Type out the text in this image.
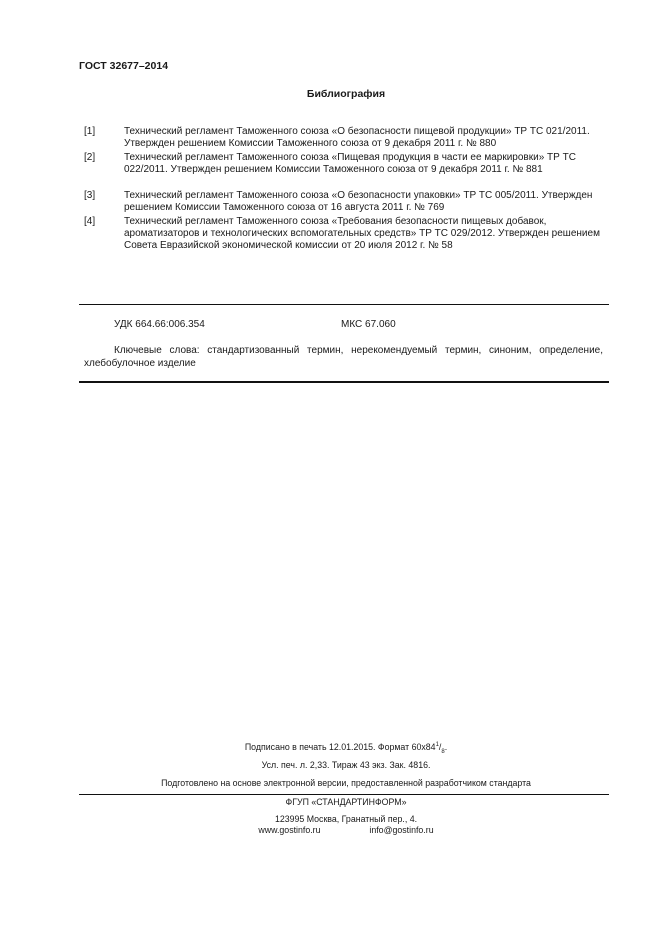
ГОСТ 32677–2014
Библиография
[1]	Технический регламент Таможенного союза «О безопасности пищевой продукции» ТР ТС 021/2011. Утвержден решением Комиссии Таможенного союза от 9 декабря 2011 г. № 880
[2]	Технический регламент Таможенного союза «Пищевая продукция в части ее маркировки» ТР ТС 022/2011. Утвержден решением Комиссии Таможенного союза от 9 декабря 2011 г. № 881
[3]	Технический регламент Таможенного союза «О безопасности упаковки» ТР ТС 005/2011. Утвержден решением Комиссии Таможенного союза от 16 августа 2011 г. № 769
[4]	Технический регламент Таможенного союза «Требования безопасности пищевых добавок, ароматизаторов и технологических вспомогательных средств» ТР ТС 029/2012. Утвержден решением Совета Евразийской экономической комиссии от 20 июля 2012 г. № 58
УДК 664.66:006.354	МКС 67.060
Ключевые слова: стандартизованный термин, нерекомендуемый термин, синоним, определение, хлебобулочное изделие
Подписано в печать 12.01.2015. Формат $60x84^1/_8$.
Усл. печ. л. 2,33. Тираж 43 экз. Зак. 4816.
Подготовлено на основе электронной версии, предоставленной разработчиком стандарта
ФГУП «СТАНДАРТИНФОРМ»
123995 Москва, Гранатный пер., 4.
www.gostinfo.ru	info@gostinfo.ru
